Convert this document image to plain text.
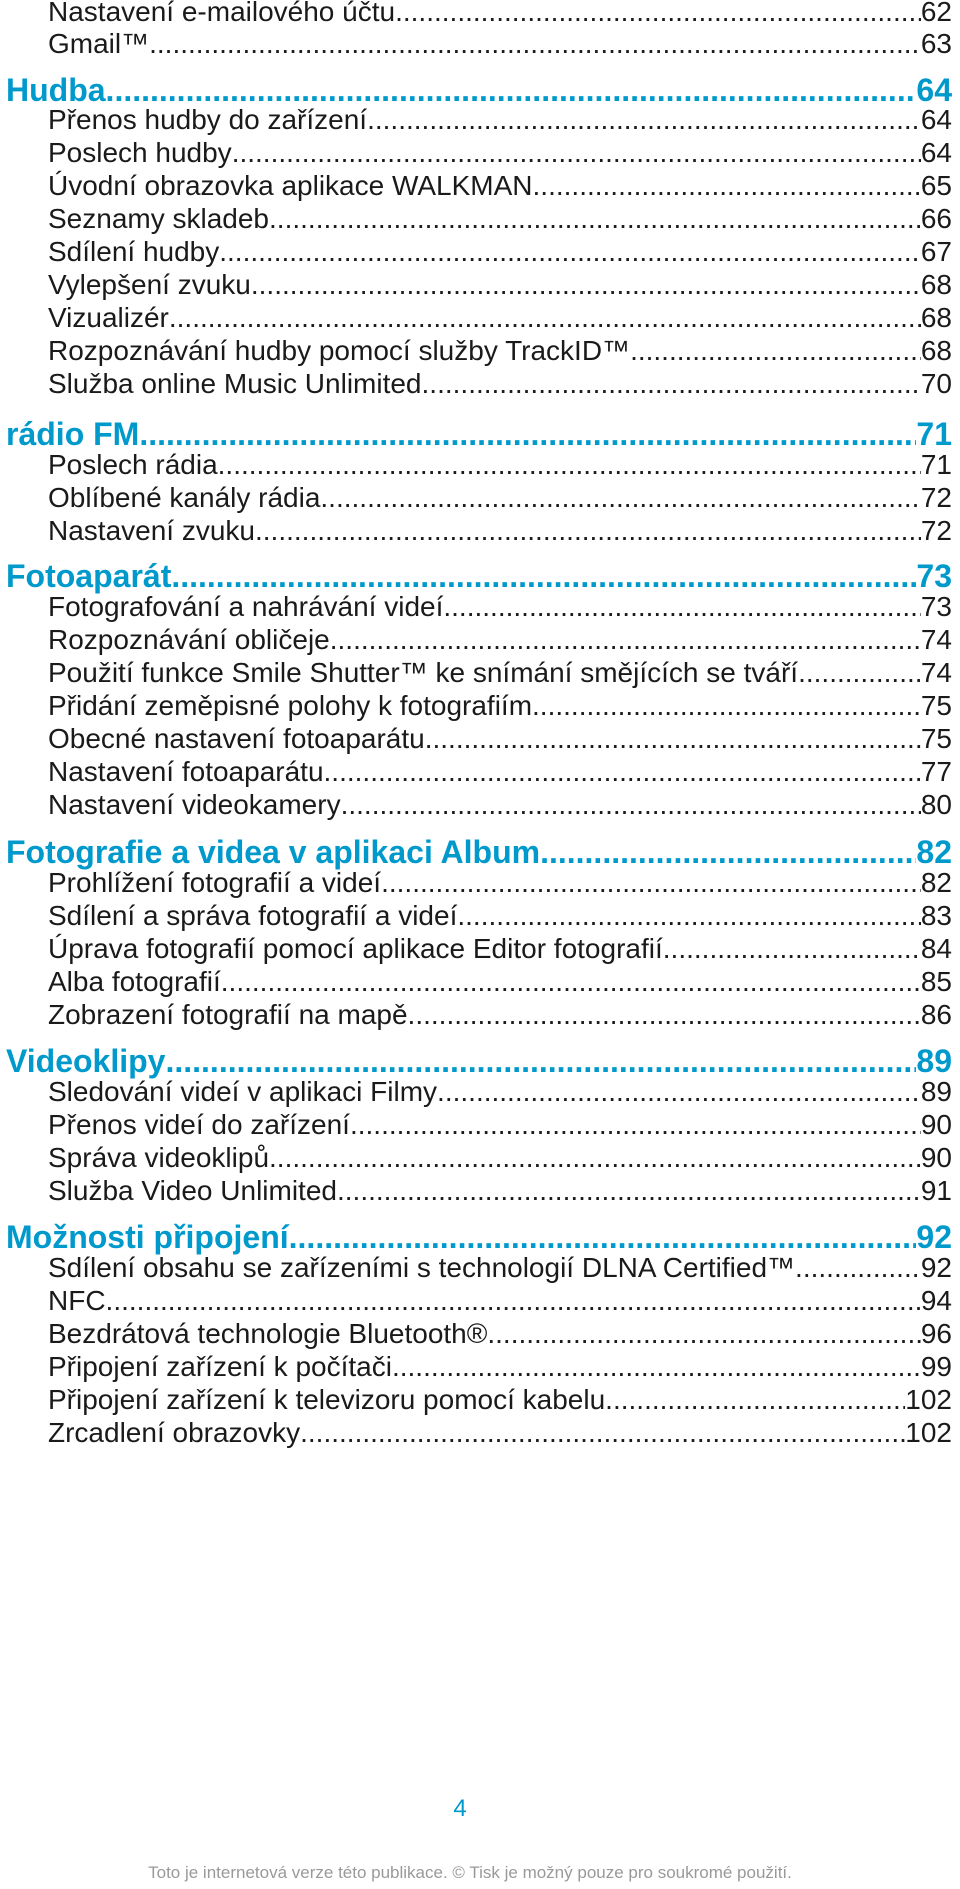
Nastavení e-mailového účtu .....	62
Gmail™ .....	63
Hudba .....	64
Přenos hudby do zařízení .....	64
Poslech hudby .....	64
Úvodní obrazovka aplikace WALKMAN .....	65
Seznamy skladeb .....	66
Sdílení hudby .....	67
Vylepšení zvuku .....	68
Vizualizér .....	68
Rozpoznávání hudby pomocí služby TrackID™ .....	68
Služba online Music Unlimited .....	70
rádio FM .....	71
Poslech rádia .....	71
Oblíbené kanály rádia .....	72
Nastavení zvuku .....	72
Fotoaparát .....	73
Fotografování a nahrávání videí .....	73
Rozpoznávání obličeje .....	74
Použití funkce Smile Shutter™ ke snímání smějících se tváří .....	74
Přidání zeměpisné polohy k fotografiím .....	75
Obecné nastavení fotoaparátu .....	75
Nastavení fotoaparátu .....	77
Nastavení videokamery .....	80
Fotografie a videa v aplikaci Album .....	82
Prohlížení fotografií a videí .....	82
Sdílení a správa fotografií a videí .....	83
Úprava fotografií pomocí aplikace Editor fotografií .....	84
Alba fotografií .....	85
Zobrazení fotografií na mapě .....	86
Videoklipy .....	89
Sledování videí v aplikaci Filmy .....	89
Přenos videí do zařízení .....	90
Správa videoklipů .....	90
Služba Video Unlimited .....	91
Možnosti připojení .....	92
Sdílení obsahu se zařízeními s technologií DLNA Certified™ .....	92
NFC .....	94
Bezdrátová technologie Bluetooth® .....	96
Připojení zařízení k počítači .....	99
Připojení zařízení k televizoru pomocí kabelu .....	102
Zrcadlení obrazovky .....	102
4
Toto je internetová verze této publikace. © Tisk je možný pouze pro soukromé použití.
